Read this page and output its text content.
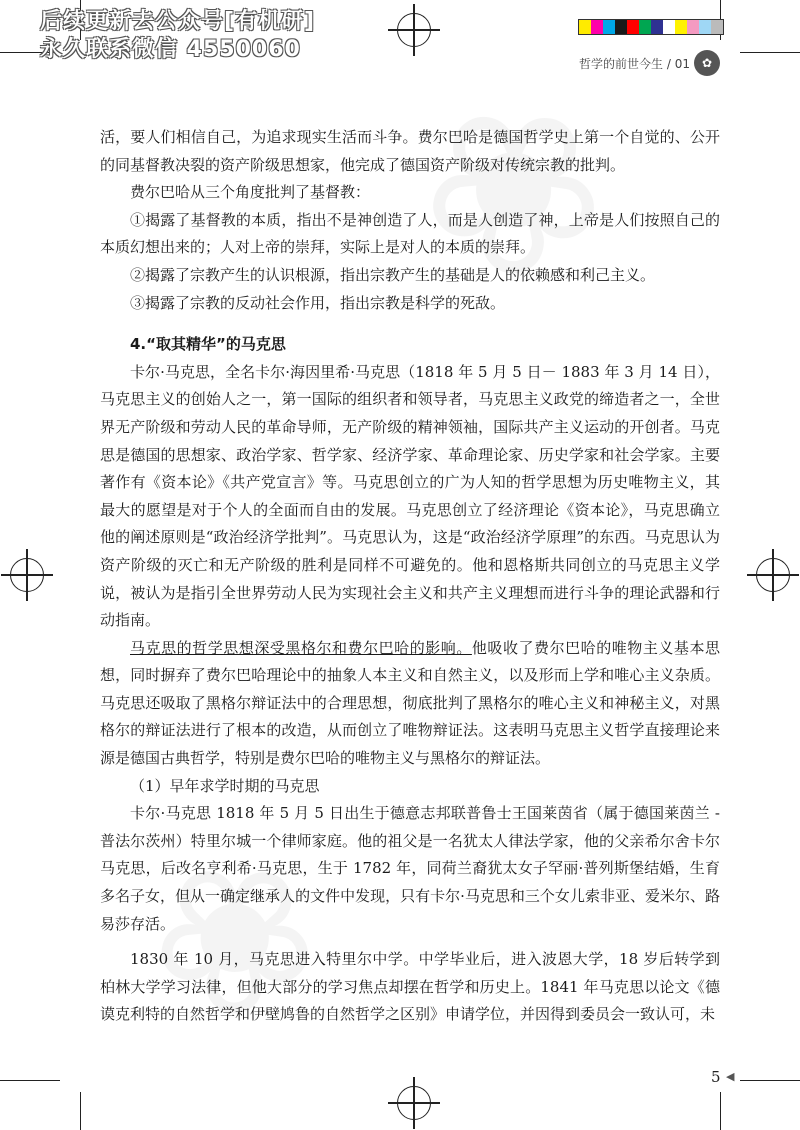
后续更新去公众号[有机研]
永久联系微信 4550060
哲学的前世今生 / 01 ✿

活，要人们相信自己，为追求现实生活而斗争。费尔巴哈是德国哲学史上第一个自觉的、公开的同基督教决裂的资产阶级思想家，他完成了德国资产阶级对传统宗教的批判。

费尔巴哈从三个角度批判了基督教：

①揭露了基督教的本质，指出不是神创造了人，而是人创造了神，上帝是人们按照自己的本质幻想出来的；人对上帝的崇拜，实际上是对人的本质的崇拜。

②揭露了宗教产生的认识根源，指出宗教产生的基础是人的依赖感和利己主义。

③揭露了宗教的反动社会作用，指出宗教是科学的死敌。

4.“取其精华”的马克思

卡尔·马克思，全名卡尔·海因里希·马克思（1818 年 5 月 5 日－ 1883 年 3 月 14 日），马克思主义的创始人之一，第一国际的组织者和领导者，马克思主义政党的缔造者之一，全世界无产阶级和劳动人民的革命导师，无产阶级的精神领袖，国际共产主义运动的开创者。马克思是德国的思想家、政治学家、哲学家、经济学家、革命理论家、历史学家和社会学家。主要著作有《资本论》《共产党宣言》等。马克思创立的广为人知的哲学思想为历史唯物主义，其最大的愿望是对于个人的全面而自由的发展。马克思创立了经济理论《资本论》，马克思确立他的阐述原则是“政治经济学批判”。马克思认为，这是“政治经济学原理”的东西。马克思认为资产阶级的灭亡和无产阶级的胜利是同样不可避免的。他和恩格斯共同创立的马克思主义学说，被认为是指引全世界劳动人民为实现社会主义和共产主义理想而进行斗争的理论武器和行动指南。

马克思的哲学思想深受黑格尔和费尔巴哈的影响。他吸收了费尔巴哈的唯物主义基本思想，同时摒弃了费尔巴哈理论中的抽象人本主义和自然主义，以及形而上学和唯心主义杂质。马克思还吸取了黑格尔辩证法中的合理思想，彻底批判了黑格尔的唯心主义和神秘主义，对黑格尔的辩证法进行了根本的改造，从而创立了唯物辩证法。这表明马克思主义哲学直接理论来源是德国古典哲学，特别是费尔巴哈的唯物主义与黑格尔的辩证法。

（1）早年求学时期的马克思

卡尔·马克思 1818 年 5 月 5 日出生于德意志邦联普鲁士王国莱茵省（属于德国莱茵兰 - 普法尔茨州）特里尔城一个律师家庭。他的祖父是一名犹太人律法学家，他的父亲希尔舍卡尔马克思，后改名亨利希·马克思，生于 1782 年，同荷兰裔犹太女子罕丽·普列斯堡结婚，生育多名子女，但从一确定继承人的文件中发现，只有卡尔·马克思和三个女儿索非亚、爱米尔、路易莎存活。

1830 年 10 月，马克思进入特里尔中学。中学毕业后，进入波恩大学，18 岁后转学到柏林大学学习法律，但他大部分的学习焦点却摆在哲学和历史上。1841 年马克思以论文《德谟克利特的自然哲学和伊壁鸠鲁的自然哲学之区别》申请学位，并因得到委员会一致认可，未

5 ◀
